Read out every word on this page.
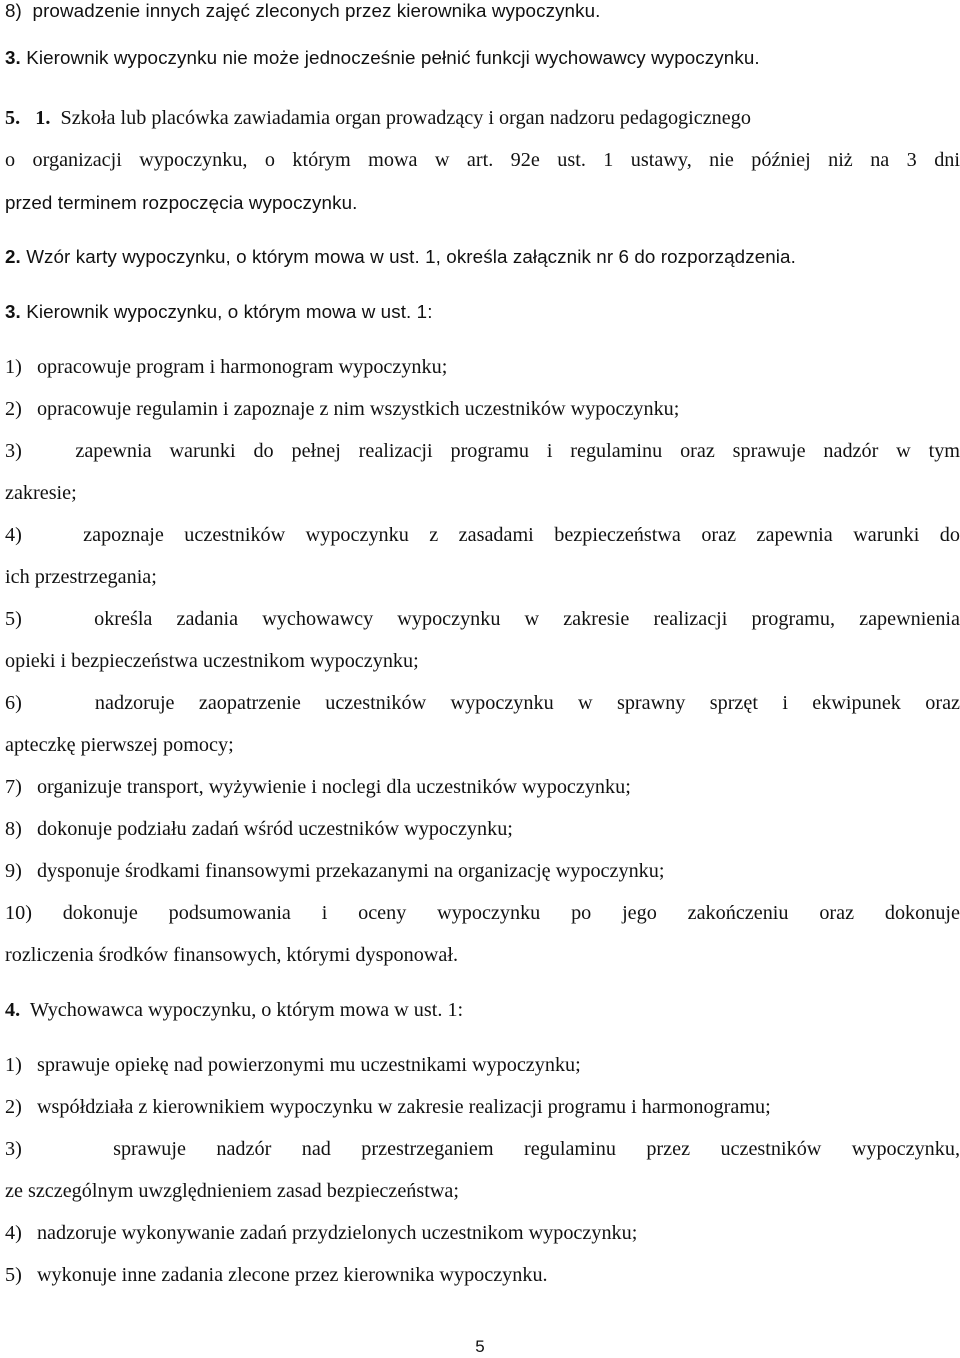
8)  prowadzenie innych zajęć zleconych przez kierownika wypoczynku.

3. Kierownik wypoczynku nie może jednocześnie pełnić funkcji wychowawcy wypoczynku.

5. 1. Szkoła lub placówka zawiadamia organ prowadzący i organ nadzoru pedagogicznego

o organizacji wypoczynku, o którym mowa w art. 92e ust. 1 ustawy, nie później niż na 3 dni

przed terminem rozpoczęcia wypoczynku.

2. Wzór karty wypoczynku, o którym mowa w ust. 1, określa załącznik nr 6 do rozporządzenia.

3. Kierownik wypoczynku, o którym mowa w ust. 1:

1)   opracowuje program i harmonogram wypoczynku;

2)   opracowuje regulamin i zapoznaje z nim wszystkich uczestników wypoczynku;

3)   zapewnia warunki do pełnej realizacji programu i regulaminu oraz sprawuje nadzór w tym

zakresie;

4)   zapoznaje uczestników wypoczynku z zasadami bezpieczeństwa oraz zapewnia warunki do

ich przestrzegania;

5)   określa zadania wychowawcy wypoczynku w zakresie realizacji programu, zapewnienia

opieki i bezpieczeństwa uczestnikom wypoczynku;

6)   nadzoruje zaopatrzenie uczestników wypoczynku w sprawny sprzęt i ekwipunek oraz

apteczkę pierwszej pomocy;

7)   organizuje transport, wyżywienie i noclegi dla uczestników wypoczynku;

8)   dokonuje podziału zadań wśród uczestników wypoczynku;

9)   dysponuje środkami finansowymi przekazanymi na organizację wypoczynku;

10) dokonuje podsumowania i oceny wypoczynku po jego zakończeniu oraz dokonuje

rozliczenia środków finansowych, którymi dysponował.

4.  Wychowawca wypoczynku, o którym mowa w ust. 1:

1)   sprawuje opiekę nad powierzonymi mu uczestnikami wypoczynku;

2)   współdziała z kierownikiem wypoczynku w zakresie realizacji programu i harmonogramu;

3)   sprawuje nadzór nad przestrzeganiem regulaminu przez uczestników wypoczynku,

ze szczególnym uwzględnieniem zasad bezpieczeństwa;

4)   nadzoruje wykonywanie zadań przydzielonych uczestnikom wypoczynku;

5)   wykonuje inne zadania zlecone przez kierownika wypoczynku.

5
